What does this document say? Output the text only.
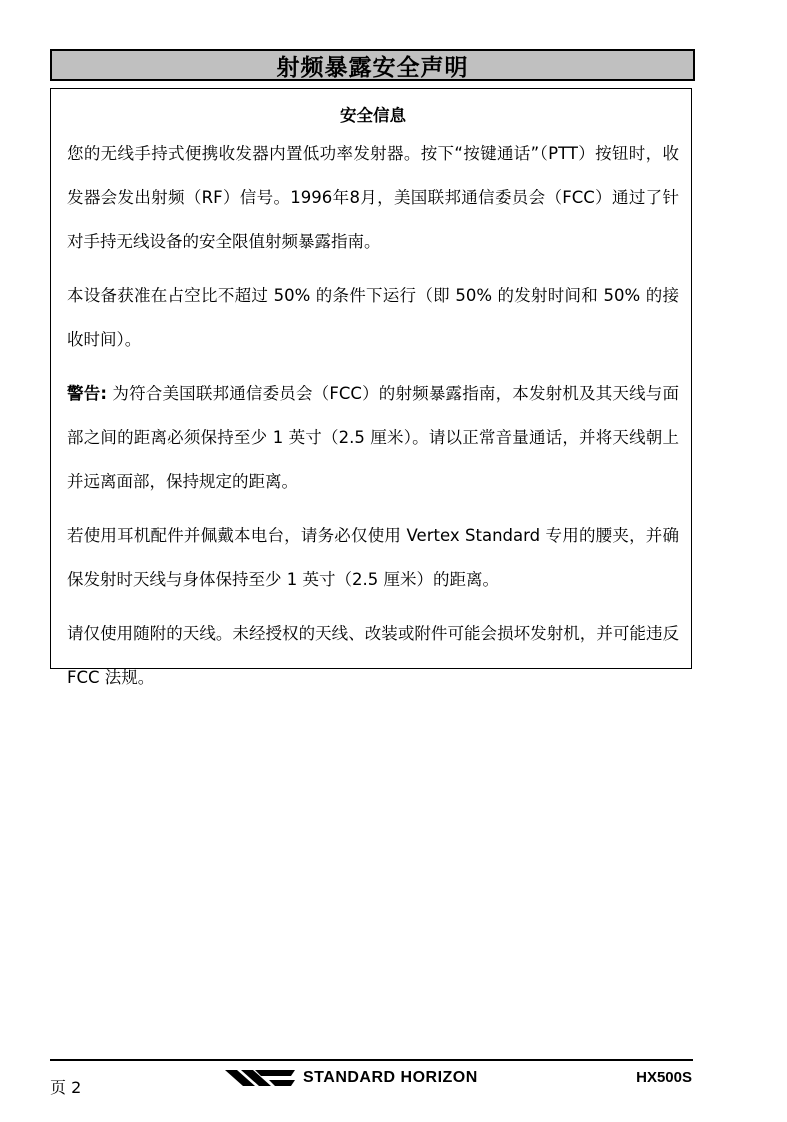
射频暴露安全声明
安全信息

您的无线手持式便携收发器内置低功率发射器。按下“按键通话”（PTT）按钮时，收发器会发出射频（RF）信号。1996年8月，美国联邦通信委员会（FCC）通过了针对手持无线设备的安全限值射频暴露指南。

本设备获准在占空比不超过 50% 的条件下运行（即 50% 的发射时间和 50% 的接收时间）。

警告: 为符合美国联邦通信委员会（FCC）的射频暴露指南，本发射机及其天线与面部之间的距离必须保持至少 1 英寸（2.5 厘米）。请以正常音量通话，并将天线朝上并远离面部，保持规定的距离。

若使用耳机配件并佩戴本电台，请务必仅使用 Vertex Standard 专用的腰夹，并确保发射时天线与身体保持至少 1 英寸（2.5 厘米）的距离。

请仅使用随附的天线。未经授权的天线、改装或附件可能会损坏发射机，并可能违反 FCC 法规。

页 2
STANDARD HORIZON	HX500S
